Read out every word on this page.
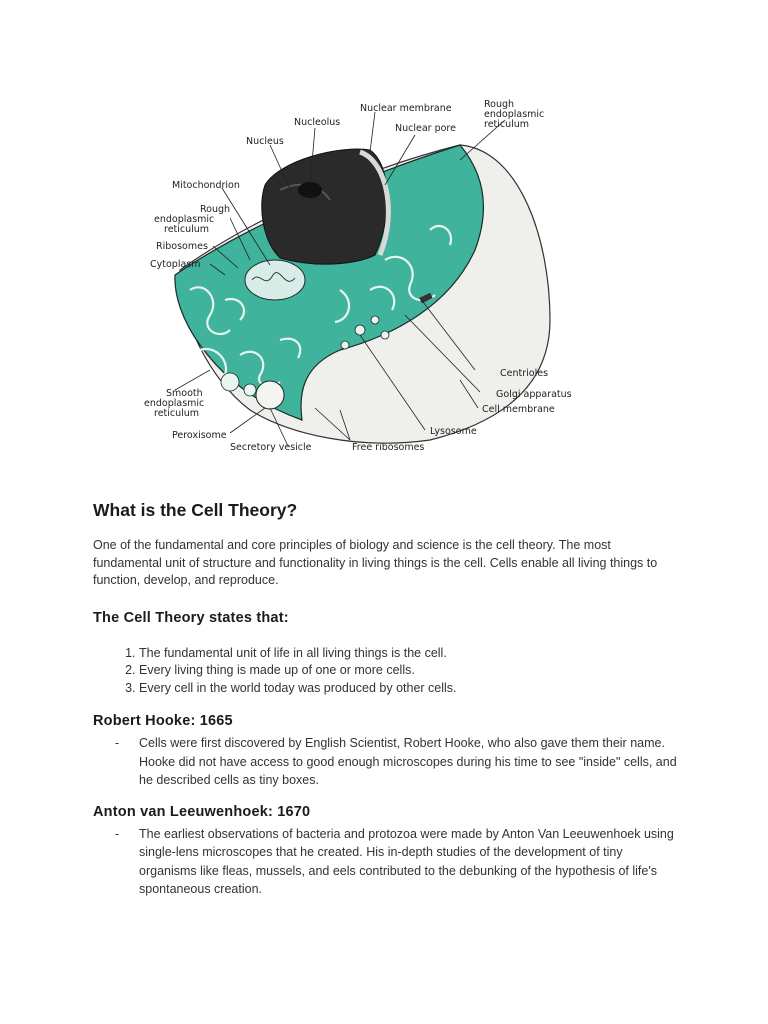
Nuclear membrane	Rough
endoplasmic
reticulum
Nucleolus
Nuclear pore
Nucleus
Mitochondrion
Rough
endoplasmic
reticulum
Ribosomes
Cytoplasm
Centrioles
Golgi apparatus
Cell membrane
Smooth
endoplasmic
reticulum
Lysosome
Peroxisome
Secretory vesicle	Free ribosomes
What is the Cell Theory?

One of the fundamental and core principles of biology and science is the cell theory. The most fundamental unit of structure and functionality in living things is the cell. Cells enable all living things to function, develop, and reproduce.

The Cell Theory states that:
1. The fundamental unit of life in all living things is the cell.
2. Every living thing is made up of one or more cells.
3. Every cell in the world today was produced by other cells.
Robert Hooke: 1665
-	Cells were first discovered by English Scientist, Robert Hooke, who also gave them their name. Hooke did not have access to good enough microscopes during his time to see "inside" cells, and he described cells as tiny boxes.
Anton van Leeuwenhoek: 1670
-	The earliest observations of bacteria and protozoa were made by Anton Van Leeuwenhoek using single-lens microscopes that he created. His in-depth studies of the development of tiny organisms like fleas, mussels, and eels contributed to the debunking of the hypothesis of life's spontaneous creation.
